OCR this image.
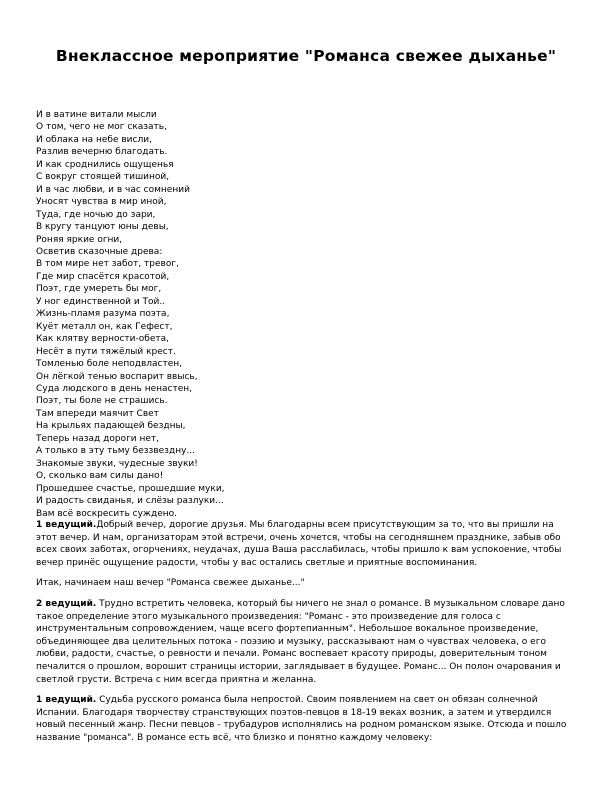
Внеклассное мероприятие "Романса свежее дыханье"
И в ватине витали мысли
О том, чего не мог сказать,
И облака на небе висли,
Разлив вечерню благодать.
И как сроднились ощущенья
С вокруг стоящей тишиной,
И в час любви, и в час сомнений
Уносят чувства в мир иной,
Туда, где ночью до зари,
В кругу танцуют юны девы,
Роняя яркие огни,
Осветив сказочные древа:
В том мире нет забот, тревог,
Где мир спасётся красотой,
Поэт, где умереть бы мог,
У ног единственной и Той..
Жизнь-пламя разума поэта,
Куёт металл он, как Гефест,
Как клятву верности-обета,
Несёт в пути тяжёлый крест.
Томленью боле неподвластен,
Он лёгкой тенью воспарит ввысь,
Суда людского в день ненастен,
Поэт, ты боле не страшись.
Там впереди маячит Свет
На крыльях падающей бездны,
Теперь назад дороги нет,
А только в эту тьму беззвездну...
Знакомые звуки, чудесные звуки!
О, сколько вам силы дано!
Прошедшее счастье, прошедшие муки,
И радость свиданья, и слёзы разлуки...
Вам всё воскресить суждено.

1 ведущий.Добрый вечер, дорогие друзья. Мы благодарны всем присутствующим за то, что вы пришли на этот вечер. И нам, организаторам этой встречи, очень хочется, чтобы на сегодняшнем празднике, забыв обо всех своих заботах, огорчениях, неудачах, душа Ваша расслабилась, чтобы пришло к вам успокоение, чтобы вечер принёс ощущение радости, чтобы у вас остались светлые и приятные воспоминания.

Итак, начинаем наш вечер "Романса свежее дыханье..."

2 ведущий. Трудно встретить человека, который бы ничего не знал о романсе. В музыкальном словаре дано такое определение этого музыкального произведения: "Романс - это произведение для голоса с инструментальным сопровождением, чаще всего фортепианным". Небольшое вокальное произведение, объединяющее два целительных потока - поэзию и музыку, рассказывают нам о чувствах человека, о его любви, радости, счастье, о ревности и печали. Романс воспевает красоту природы, доверительным тоном печалится о прошлом, ворошит страницы истории, заглядывает в будущее. Романс... Он полон очарования и светлой грусти. Встреча с ним всегда приятна и желанна.

1 ведущий. Судьба русского романса была непростой. Своим появлением на свет он обязан солнечной Испании. Благодаря творчеству странствующих поэтов-певцов в 18-19 веках возник, а затем и утвердился новый песенный жанр. Песни певцов - трубадуров исполнялись на родном романском языке. Отсюда и пошло название "романса". В романсе есть всё, что близко и понятно каждому человеку:
